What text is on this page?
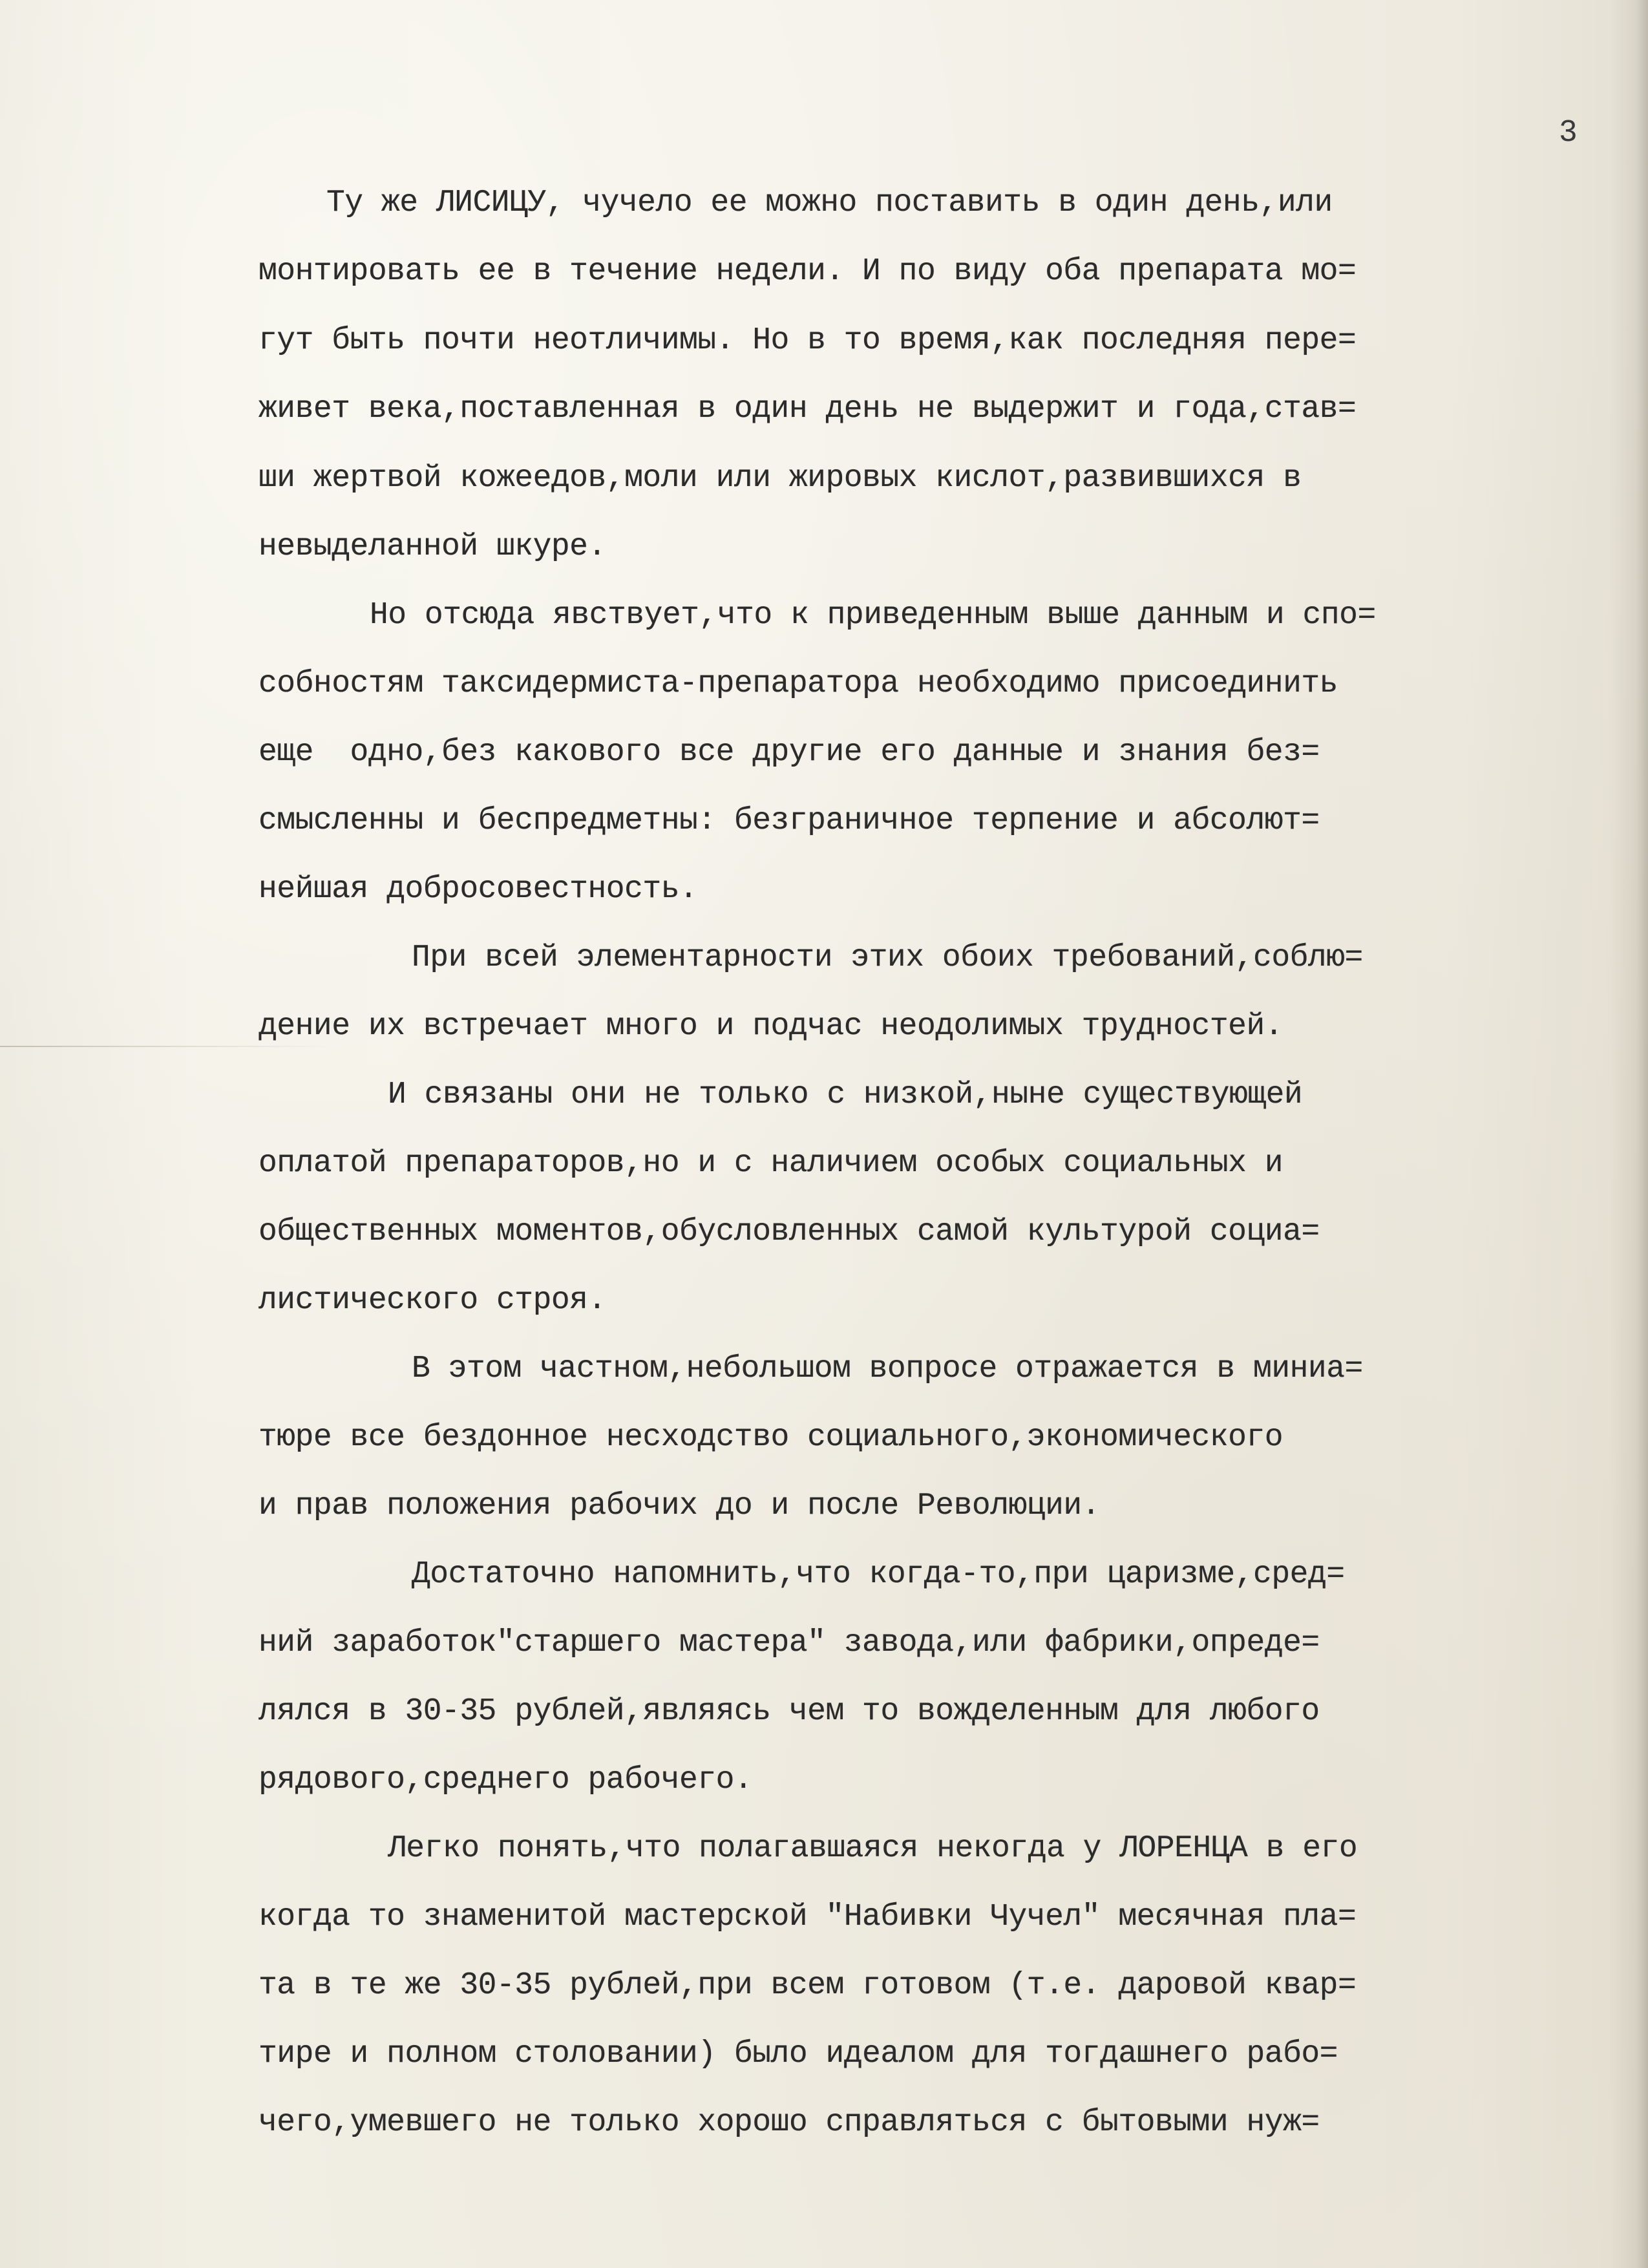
3

Ту же ЛИСИЦУ, чучело ее можно поставить в один день,или

монтировать ее в течение недели. И по виду оба препарата мо=

гут быть почти неотличимы. Но в то время,как последняя пере=

живет века,поставленная в один день не выдержит и года,став=

ши жертвой кожеедов,моли или жировых кислот,развившихся в

невыделанной шкуре.

Но отсюда явствует,что к приведенным выше данным и спо=

собностям таксидермиста-препаратора необходимо присоединить

еще  одно,без какового все другие его данные и знания без=

смысленны и беспредметны: безграничное терпение и абсолют=

нейшая добросовестность.

При всей элементарности этих обоих требований,соблю=

дение их встречает много и подчас неодолимых трудностей.

И связаны они не только с низкой,ныне существующей

оплатой препараторов,но и с наличием особых социальных и

общественных моментов,обусловленных самой культурой социа=

листического строя.

В этом частном,небольшом вопросе отражается в миниа=

тюре все бездонное несходство социального,экономического

и прав положения рабочих до и после Революции.

Достаточно напомнить,что когда-то,при царизме,сред=

ний заработок"старшего мастера" завода,или фабрики,опреде=

лялся в 30-35 рублей,являясь чем то вожделенным для любого

рядового,среднего рабочего.

Легко понять,что полагавшаяся некогда у ЛОРЕНЦА в его

когда то знаменитой мастерской "Набивки Чучел" месячная пла=

та в те же 30-35 рублей,при всем готовом (т.е. даровой квар=

тире и полном столовании) было идеалом для тогдашнего рабо=

чего,умевшего не только хорошо справляться с бытовыми нуж=
